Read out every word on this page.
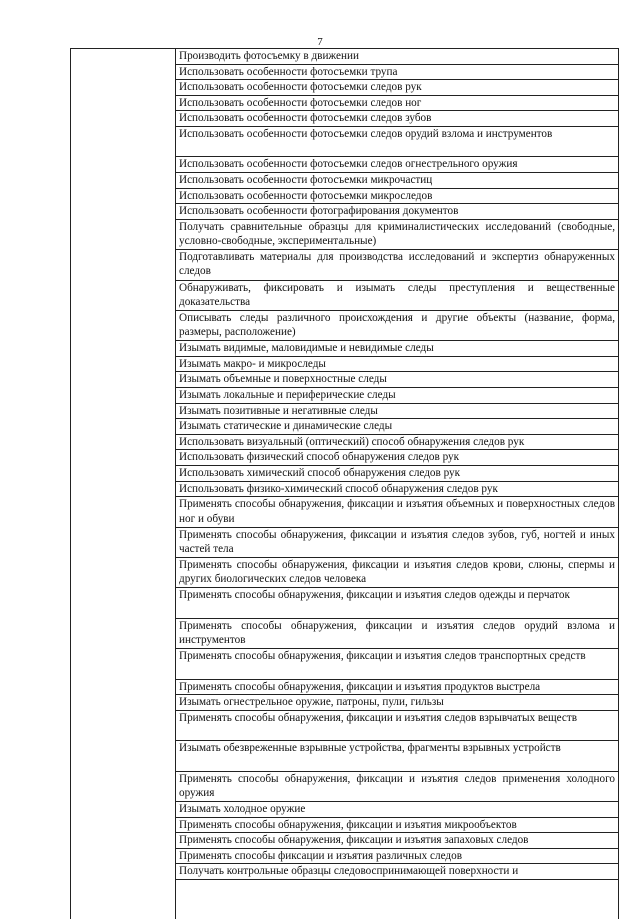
7
Производить фотосъемку в движении
Использовать особенности фотосъемки трупа
Использовать особенности фотосъемки следов рук
Использовать особенности фотосъемки следов ног
Использовать особенности фотосъемки следов зубов
Использовать особенности фотосъемки следов орудий взлома и инструментов
Использовать особенности фотосъемки следов огнестрельного оружия
Использовать особенности фотосъемки микрочастиц
Использовать особенности фотосъемки микроследов
Использовать особенности фотографирования документов
Получать сравнительные образцы для криминалистических исследований (свободные, условно-свободные, экспериментальные)
Подготавливать материалы для производства исследований и экспертиз обнаруженных следов
Обнаруживать, фиксировать и изымать следы преступления и вещественные доказательства
Описывать следы различного происхождения и другие объекты (название, форма, размеры, расположение)
Изымать видимые, маловидимые и невидимые следы
Изымать макро- и микроследы
Изымать объемные и поверхностные следы
Изымать локальные и периферические следы
Изымать позитивные и негативные следы
Изымать статические и динамические следы
Использовать визуальный (оптический) способ обнаружения следов рук
Использовать физический способ обнаружения следов рук
Использовать химический способ обнаружения следов рук
Использовать физико-химический способ обнаружения следов рук
Применять способы обнаружения, фиксации и изъятия объемных и поверхностных следов ног и обуви
Применять способы обнаружения, фиксации и изъятия следов зубов, губ, ногтей и иных частей тела
Применять способы обнаружения, фиксации и изъятия следов крови, слюны, спермы и других биологических следов человека
Применять способы обнаружения, фиксации и изъятия следов одежды и перчаток
Применять способы обнаружения, фиксации и изъятия следов орудий взлома и инструментов
Применять способы обнаружения, фиксации и изъятия следов транспортных средств
Применять способы обнаружения, фиксации и изъятия продуктов выстрела
Изымать огнестрельное оружие, патроны, пули, гильзы
Применять способы обнаружения, фиксации и изъятия следов взрывчатых веществ
Изымать обезвреженные взрывные устройства, фрагменты взрывных устройств
Применять способы обнаружения, фиксации и изъятия следов применения холодного оружия
Изымать холодное оружие
Применять способы обнаружения, фиксации и изъятия микрообъектов
Применять способы обнаружения, фиксации и изъятия запаховых следов
Применять способы фиксации и изъятия различных следов
Получать контрольные образцы следовоспринимающей поверхности и
